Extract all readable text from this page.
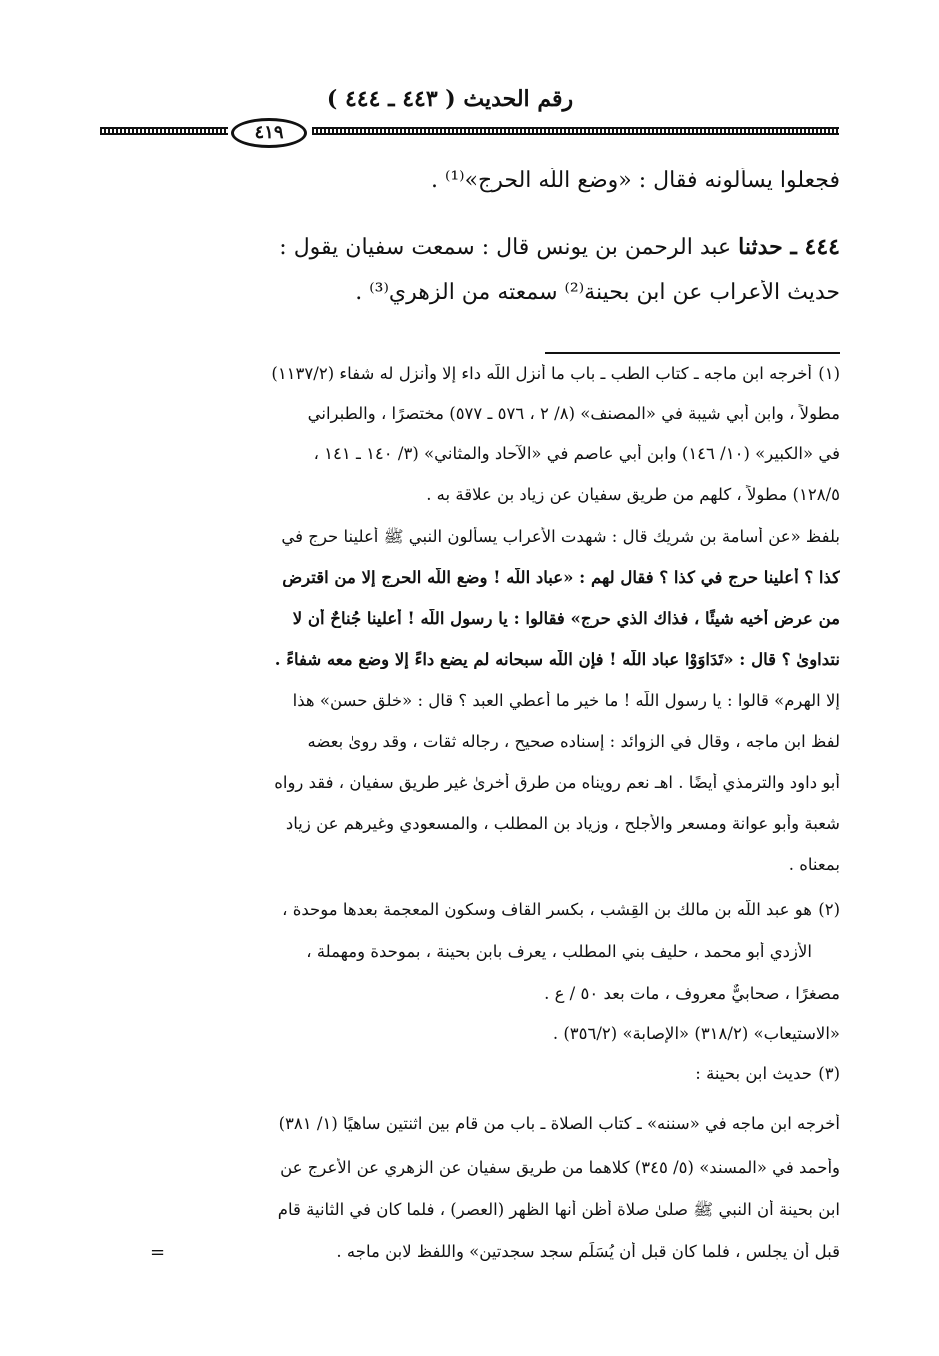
رقم الحديث ( ٤٤٣ ـ ٤٤٤ )
٤١٩
فجعلوا يسألونه فقال : «وضع اللَّه الحرج»⁽¹⁾ .
٤٤٤ ـ حدثنا عبد الرحمن بن يونس قال : سمعت سفيان يقول :
حديث الأعراب عن ابن بحينة⁽²⁾ سمعته من الزهري⁽³⁾ .
(١)أخرجه ابن ماجه ـ كتاب الطب ـ باب ما أنزل اللَّه داء إلا وأنزل له شفاء (١١٣٧/٢)
مطولاً ، وابن أبي شيبة في «المصنف» (٨/ ٢ ، ٥٧٦ ـ ٥٧٧) مختصرًا ، والطبراني
في «الكبير» (١٠/ ١٤٦) وابن أبي عاصم في «الآحاد والمثاني» (٣/ ١٤٠ ـ ١٤١ ،
١٢٨/٥) مطولاً ، كلهم من طريق سفيان عن زياد بن علاقة به .
بلفظ «عن أسامة بن شريك قال : شهدت الأعراب يسألون النبي ﷺ أعلينا حرج في
كذا ؟ أعلينا حرج في كذا ؟ فقال لهم : «عباد اللَّه ! وضع اللَّه الحرج إلا من اقترض
من عرض أخيه شيئًا ، فذاك الذي حرج» فقالوا : يا رسول اللَّه ! أعلينا جُناحٌ أن لا
نتداوىٰ ؟ قال : «تَدَاوَوْا عباد اللَّه ! فإن اللَّه سبحانه لم يضع داءً إلا وضع معه شفاءً .
إلا الهرم» قالوا : يا رسول اللَّه ! ما خير ما أُعطي العبد ؟ قال : «خلق حسن» هذا
لفظ ابن ماجه ، وقال في الزوائد : إسناده صحيح ، رجاله ثقات ، وقد روىٰ بعضه
أبو داود والترمذي أيضًا . اهـ نعم رويناه من طرق أخرىٰ غير طريق سفيان ، فقد رواه
شعبة وأبو عوانة ومسعر والأجلح ، وزياد بن المطلب ، والمسعودي وغيرهم عن زياد
بمعناه .
(٢)هو عبد اللَّه بن مالك بن القِشب ، بكسر القاف وسكون المعجمة بعدها موحدة ،
الأزدي أبو محمد ، حليف بني المطلب ، يعرف بابن بحينة ، بموحدة ومهملة ،
مصغرًا ، صحابيٌّ معروف ، مات بعد ٥٠ / ع .
«الاستيعاب» (٣١٨/٢) «الإصابة» (٣٥٦/٢) .
(٣)حديث ابن بحينة :
أخرجه ابن ماجه في «سننه» ـ كتاب الصلاة ـ باب من قام بين اثنتين ساهيًا (١/ ٣٨١)
وأحمد في «المسند» (٥/ ٣٤٥) كلاهما من طريق سفيان عن الزهري عن الأعرج عن
ابن بحينة أن النبي ﷺ صلىٰ صلاة أظن أنها الظهر (العصر) ، فلما كان في الثانية قام
قبل أن يجلس ، فلما كان قبل أن يُسَلِّم سجد سجدتين» واللفظ لابن ماجه .
=
